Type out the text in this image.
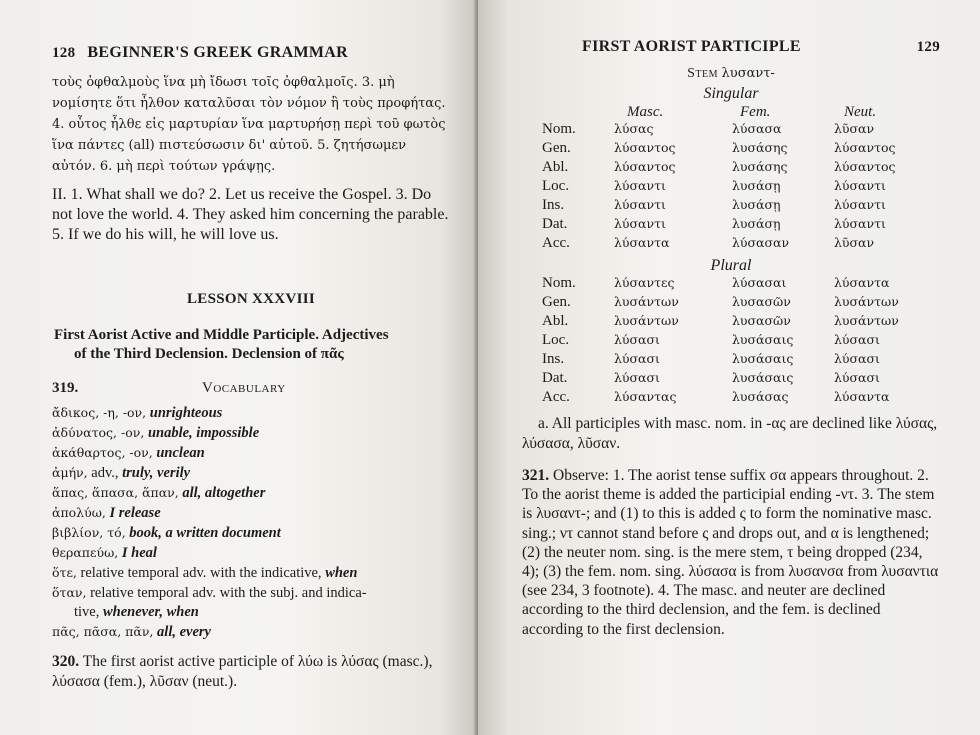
128 BEGINNER'S GREEK GRAMMAR

τοὺς ὀφθαλμοὺς ἵνα μὴ ἴδωσι τοῖς ὀφθαλμοῖς. 3. μὴ νομίσητε ὅτι ἦλθον καταλῦσαι τὸν νόμον ἢ τοὺς προφήτας. 4. οὗτος ἦλθε εἰς μαρτυρίαν ἵνα μαρτυρήσῃ περὶ τοῦ φωτὸς ἵνα πάντες (all) πιστεύσωσιν δι' αὐτοῦ. 5. ζητήσωμεν αὐτόν. 6. μὴ περὶ τούτων γράψῃς.

II. 1. What shall we do? 2. Let us receive the Gospel. 3. Do not love the world. 4. They asked him concerning the parable. 5. If we do his will, he will love us.

LESSON XXXVIII
First Aorist Active and Middle Participle. Adjectives
of the Third Declension. Declension of πᾶς
319.	Vocabulary
ἄδικος, -η, -ον, unrighteous
ἀδύνατος, -ον, unable, impossible
ἀκάθαρτος, -ον, unclean
ἀμήν, adv., truly, verily
ἅπας, ἅπασα, ἅπαν, all, altogether
ἀπολύω, I release
βιβλίον, τό, book, a written document
θεραπεύω, I heal
ὅτε, relative temporal adv. with the indicative, when
ὅταν, relative temporal adv. with the subj. and indica-
tive, whenever, when
πᾶς, πᾶσα, πᾶν, all, every

320. The first aorist active participle of λύω is λύσας (masc.), λύσασα (fem.), λῦσαν (neut.).

FIRST AORIST PARTICIPLE	129
Stem λυσαντ-
Singular
Masc.	Fem.	Neut.
Nom.	λύσας	λύσασα	λῦσαν
Gen.	λύσαντος	λυσάσης	λύσαντος
Abl.	λύσαντος	λυσάσης	λύσαντος
Loc.	λύσαντι	λυσάσῃ	λύσαντι
Ins.	λύσαντι	λυσάσῃ	λύσαντι
Dat.	λύσαντι	λυσάσῃ	λύσαντι
Acc.	λύσαντα	λύσασαν	λῦσαν
Plural
Nom.	λύσαντες	λύσασαι	λύσαντα
Gen.	λυσάντων	λυσασῶν	λυσάντων
Abl.	λυσάντων	λυσασῶν	λυσάντων
Loc.	λύσασι	λυσάσαις	λύσασι
Ins.	λύσασι	λυσάσαις	λύσασι
Dat.	λύσασι	λυσάσαις	λύσασι
Acc.	λύσαντας	λυσάσας	λύσαντα

a. All participles with masc. nom. in -ας are declined like λύσας, λύσασα, λῦσαν.

321. Observe: 1. The aorist tense suffix σα appears throughout. 2. To the aorist theme is added the participial ending -ντ. 3. The stem is λυσαντ-; and (1) to this is added ς to form the nominative masc. sing.; ντ cannot stand before ς and drops out, and α is lengthened; (2) the neuter nom. sing. is the mere stem, τ being dropped (234, 4); (3) the fem. nom. sing. λύσασα is from λυσανσα from λυσαντια (see 234, 3 footnote). 4. The masc. and neuter are declined according to the third declension, and the fem. is declined according to the first declension.
